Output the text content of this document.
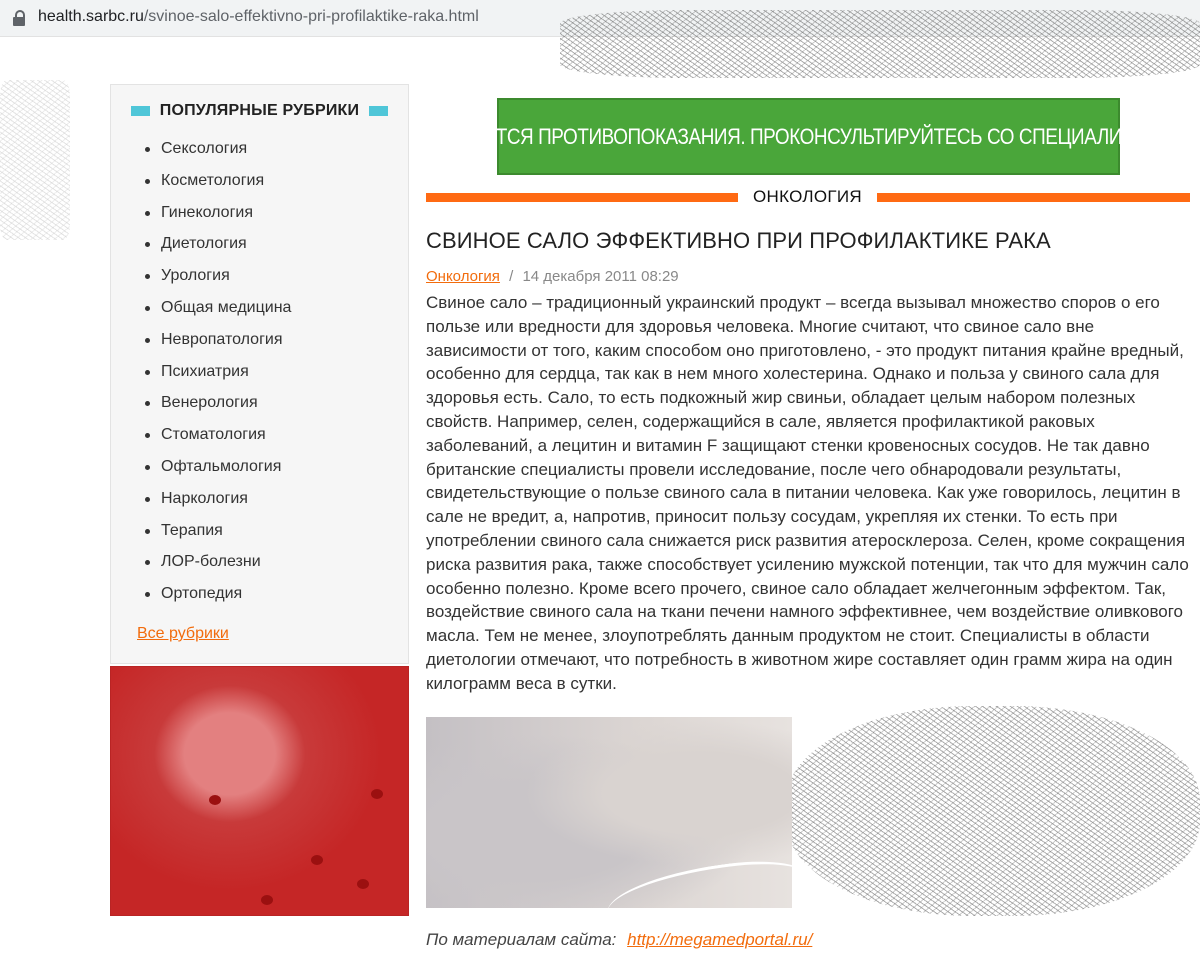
health.sarbc.ru/svinoe-salo-effektivno-pri-profilaktike-raka.html
ПОПУЛЯРНЫЕ РУБРИКИ
Сексология
Косметология
Гинекология
Диетология
Урология
Общая медицина
Невропатология
Психиатрия
Венерология
Стоматология
Офтальмология
Наркология
Терапия
ЛОР-болезни
Ортопедия
Все рубрики
ИМЕЮТСЯ ПРОТИВОПОКАЗАНИЯ. ПРОКОНСУЛЬТИРУЙТЕСЬ СО СПЕЦИАЛИСТОМ.
ОНКОЛОГИЯ
СВИНОЕ САЛО ЭФФЕКТИВНО ПРИ ПРОФИЛАКТИКЕ РАКА
Онкология / 14 декабря 2011 08:29
Свиное сало – традиционный украинский продукт – всегда вызывал множество споров о его пользе или вредности для здоровья человека. Многие считают, что свиное сало вне зависимости от того, каким способом оно приготовлено, - это продукт питания крайне вредный, особенно для сердца, так как в нем много холестерина. Однако и польза у свиного сала для здоровья есть. Сало, то есть подкожный жир свиньи, обладает целым набором полезных свойств. Например, селен, содержащийся в сале, является профилактикой раковых заболеваний, а лецитин и витамин F защищают стенки кровеносных сосудов. Не так давно британские специалисты провели исследование, после чего обнародовали результаты, свидетельствующие о пользе свиного сала в питании человека. Как уже говорилось, лецитин в сале не вредит, а, напротив, приносит пользу сосудам, укрепляя их стенки. То есть при употреблении свиного сала снижается риск развития атеросклероза. Селен, кроме сокращения риска развития рака, также способствует усилению мужской потенции, так что для мужчин сало особенно полезно. Кроме всего прочего, свиное сало обладает желчегонным эффектом. Так, воздействие свиного сала на ткани печени намного эффективнее, чем воздействие оливкового масла. Тем не менее, злоупотреблять данным продуктом не стоит. Специалисты в области диетологии отмечают, что потребность в животном жире составляет один грамм жира на один килограмм веса в сутки.
По материалам сайта: http://megamedportal.ru/
